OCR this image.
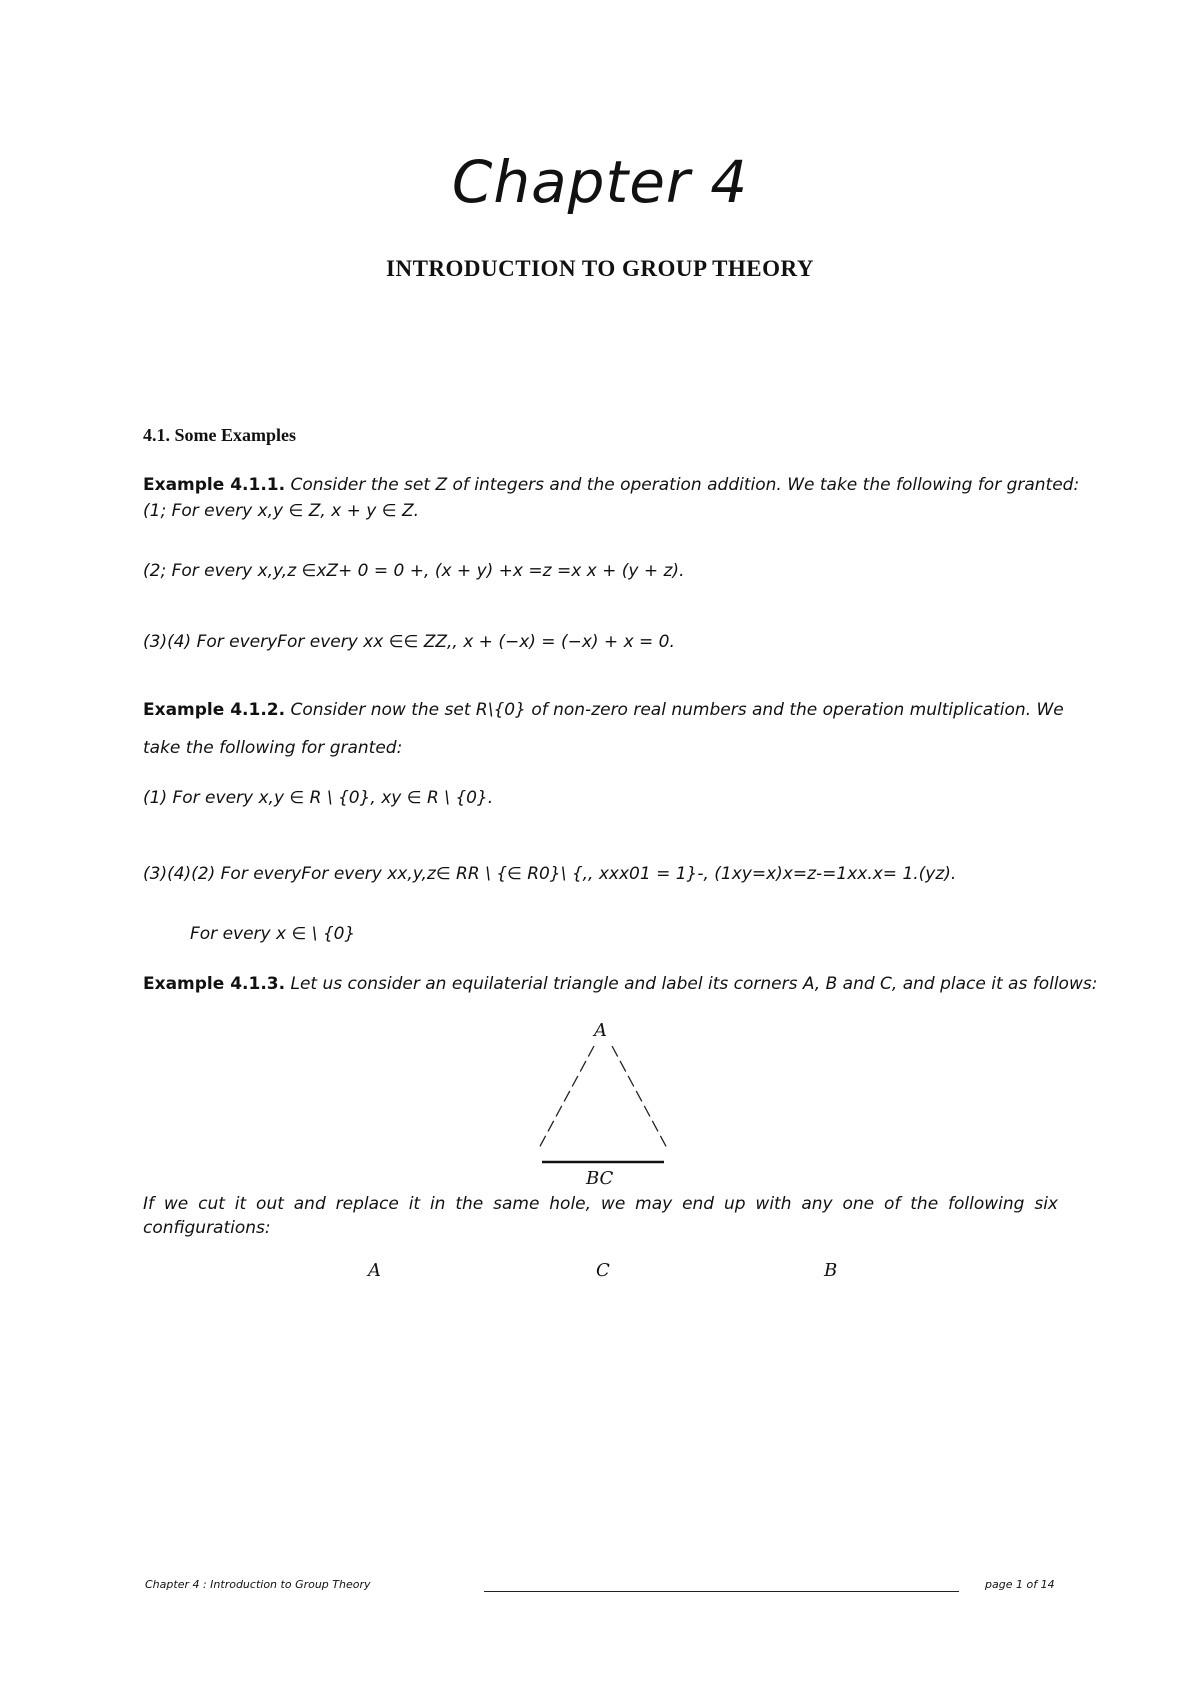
Chapter 4
INTRODUCTION TO GROUP THEORY
4.1. Some Examples
Example 4.1.1. Consider the set Z of integers and the operation addition. We take the following for granted:
(1; For every x,y ∈ Z, x + y ∈ Z.
(2; For every x,y,z ∈xZ+ 0 = 0 +, (x + y) +x =z =x x + (y + z).
(3)(4) For everyFor every xx ∈∈ ZZ,, x + (−x) = (−x) + x = 0.
Example 4.1.2. Consider now the set R\{0} of non-zero real numbers and the operation multiplication. We
take the following for granted:
(1) For every x,y ∈ R \ {0}, xy ∈ R \ {0}.
(3)(4)(2) For everyFor every xx,y,z∈ RR \ {∈ R0}\ {,, xxx01 = 1}-, (1xy=x)x=z-=1xx.x= 1.(yz).
For every x ∈ \ {0}
Example 4.1.3. Let us consider an equilaterial triangle and label its corners A, B and C, and place it as follows:
A
BC
If we cut it out and replace it in the same hole, we may end up with any one of the following six
configurations:
A	C	B
Chapter 4 : Introduction to Group Theory	page 1 of 14
